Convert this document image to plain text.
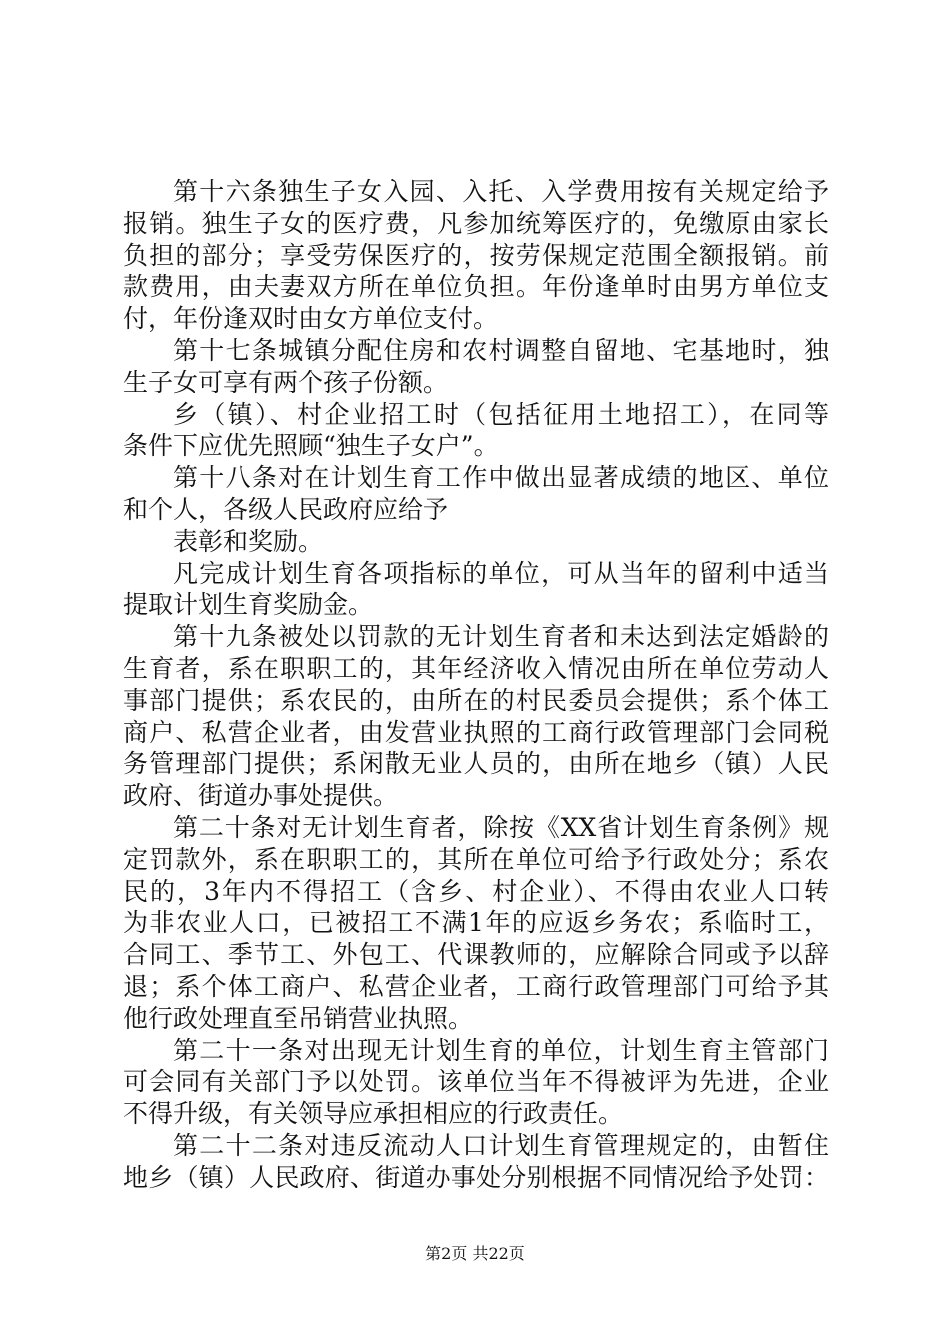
第十六条独生子女入园、入托、入学费用按有关规定给予
报销。独生子女的医疗费，凡参加统筹医疗的，免缴原由家长
负担的部分；享受劳保医疗的，按劳保规定范围全额报销。前
款费用，由夫妻双方所在单位负担。年份逢单时由男方单位支
付，年份逢双时由女方单位支付。
第十七条城镇分配住房和农村调整自留地、宅基地时，独
生子女可享有两个孩子份额。
乡（镇）、村企业招工时（包括征用土地招工），在同等
条件下应优先照顾“独生子女户”。
第十八条对在计划生育工作中做出显著成绩的地区、单位
和个人，各级人民政府应给予
表彰和奖励。
凡完成计划生育各项指标的单位，可从当年的留利中适当
提取计划生育奖励金。
第十九条被处以罚款的无计划生育者和未达到法定婚龄的
生育者，系在职职工的，其年经济收入情况由所在单位劳动人
事部门提供；系农民的，由所在的村民委员会提供；系个体工
商户、私营企业者，由发营业执照的工商行政管理部门会同税
务管理部门提供；系闲散无业人员的，由所在地乡（镇）人民
政府、街道办事处提供。
第二十条对无计划生育者，除按《XX省计划生育条例》规
定罚款外，系在职职工的，其所在单位可给予行政处分；系农
民的，3年内不得招工（含乡、村企业）、不得由农业人口转
为非农业人口，已被招工不满1年的应返乡务农；系临时工，
合同工、季节工、外包工、代课教师的，应解除合同或予以辞
退；系个体工商户、私营企业者，工商行政管理部门可给予其
他行政处理直至吊销营业执照。
第二十一条对出现无计划生育的单位，计划生育主管部门
可会同有关部门予以处罚。该单位当年不得被评为先进，企业
不得升级，有关领导应承担相应的行政责任。
第二十二条对违反流动人口计划生育管理规定的，由暂住
地乡（镇）人民政府、街道办事处分别根据不同情况给予处罚：
第2页 共22页
